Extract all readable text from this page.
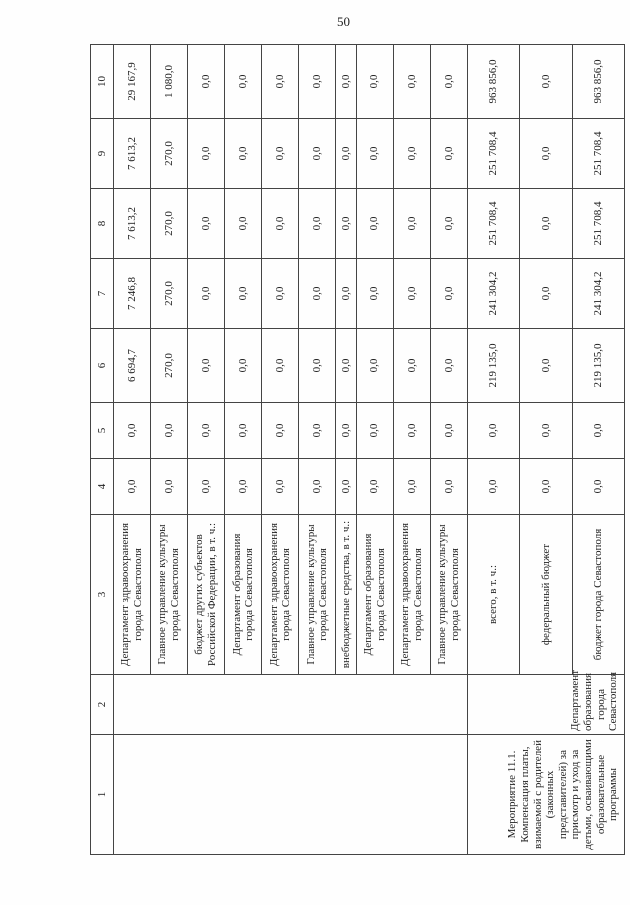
50
1	2	3	4	5	6	7	8	9	10
		Департамент здравоохранения города Севастополя	0,0	0,0	6 694,7	7 246,8	7 613,2	7 613,2	29 167,9
		Главное управление культуры города Севастополя	0,0	0,0	270,0	270,0	270,0	270,0	1 080,0
		бюджет других субъектов Российской Федерации, в т. ч.:	0,0	0,0	0,0	0,0	0,0	0,0	0,0
		Департамент образования города Севастополя	0,0	0,0	0,0	0,0	0,0	0,0	0,0
		Департамент здравоохранения города Севастополя	0,0	0,0	0,0	0,0	0,0	0,0	0,0
		Главное управление культуры города Севастополя	0,0	0,0	0,0	0,0	0,0	0,0	0,0
		внебюджетные средства, в т. ч.:	0,0	0,0	0,0	0,0	0,0	0,0	0,0
		Департамент образования города Севастополя	0,0	0,0	0,0	0,0	0,0	0,0	0,0
		Департамент здравоохранения города Севастополя	0,0	0,0	0,0	0,0	0,0	0,0	0,0
		Главное управление культуры города Севастополя	0,0	0,0	0,0	0,0	0,0	0,0	0,0
Мероприятие 11.1. Компенсация платы, взимаемой с родителей (законных представителей) за присмотр и уход за детьми, осваивающими образовательные программы	Департамент образования города Севастополя	всего, в т. ч.:	0,0	0,0	219 135,0	241 304,2	251 708,4	251 708,4	963 856,0
		федеральный бюджет	0,0	0,0	0,0	0,0	0,0	0,0	0,0
		бюджет города Севастополя	0,0	0,0	219 135,0	241 304,2	251 708,4	251 708,4	963 856,0
